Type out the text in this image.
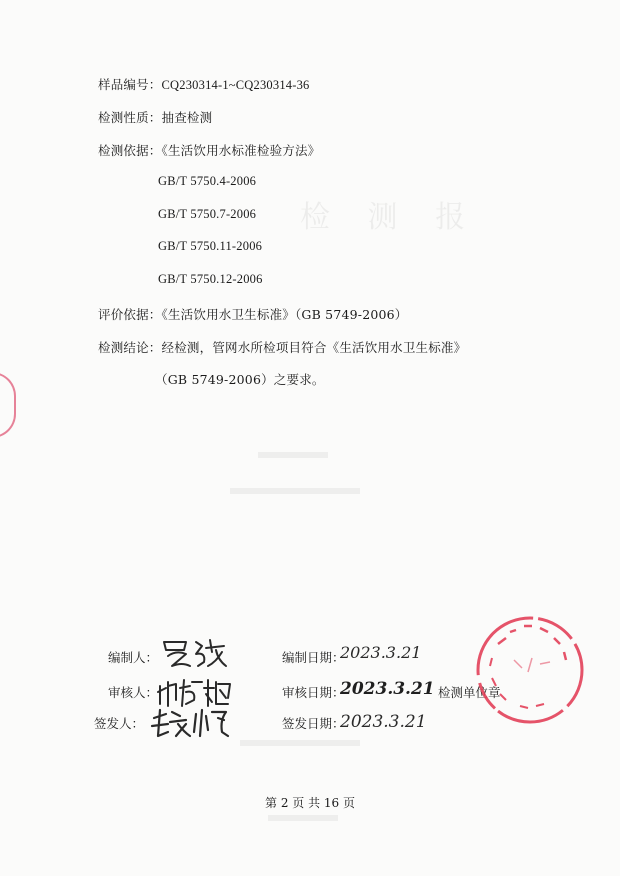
检 测 报
样品编号：CQ230314-1~CQ230314-36
检测性质：抽查检测
检测依据：《生活饮用水标准检验方法》
GB/T 5750.4-2006
GB/T 5750.7-2006
GB/T 5750.11-2006
GB/T 5750.12-2006
评价依据：《生活饮用水卫生标准》（GB 5749-2006）
检测结论：经检测，管网水所检项目符合《生活饮用水卫生标准》
（GB 5749-2006）之要求。
编制人：
审核人：
签发人：
编制日期：
审核日期：
签发日期：
检测单位章
2023.3.21
2023.3.21
2023.3.21
第 2 页 共 16 页
